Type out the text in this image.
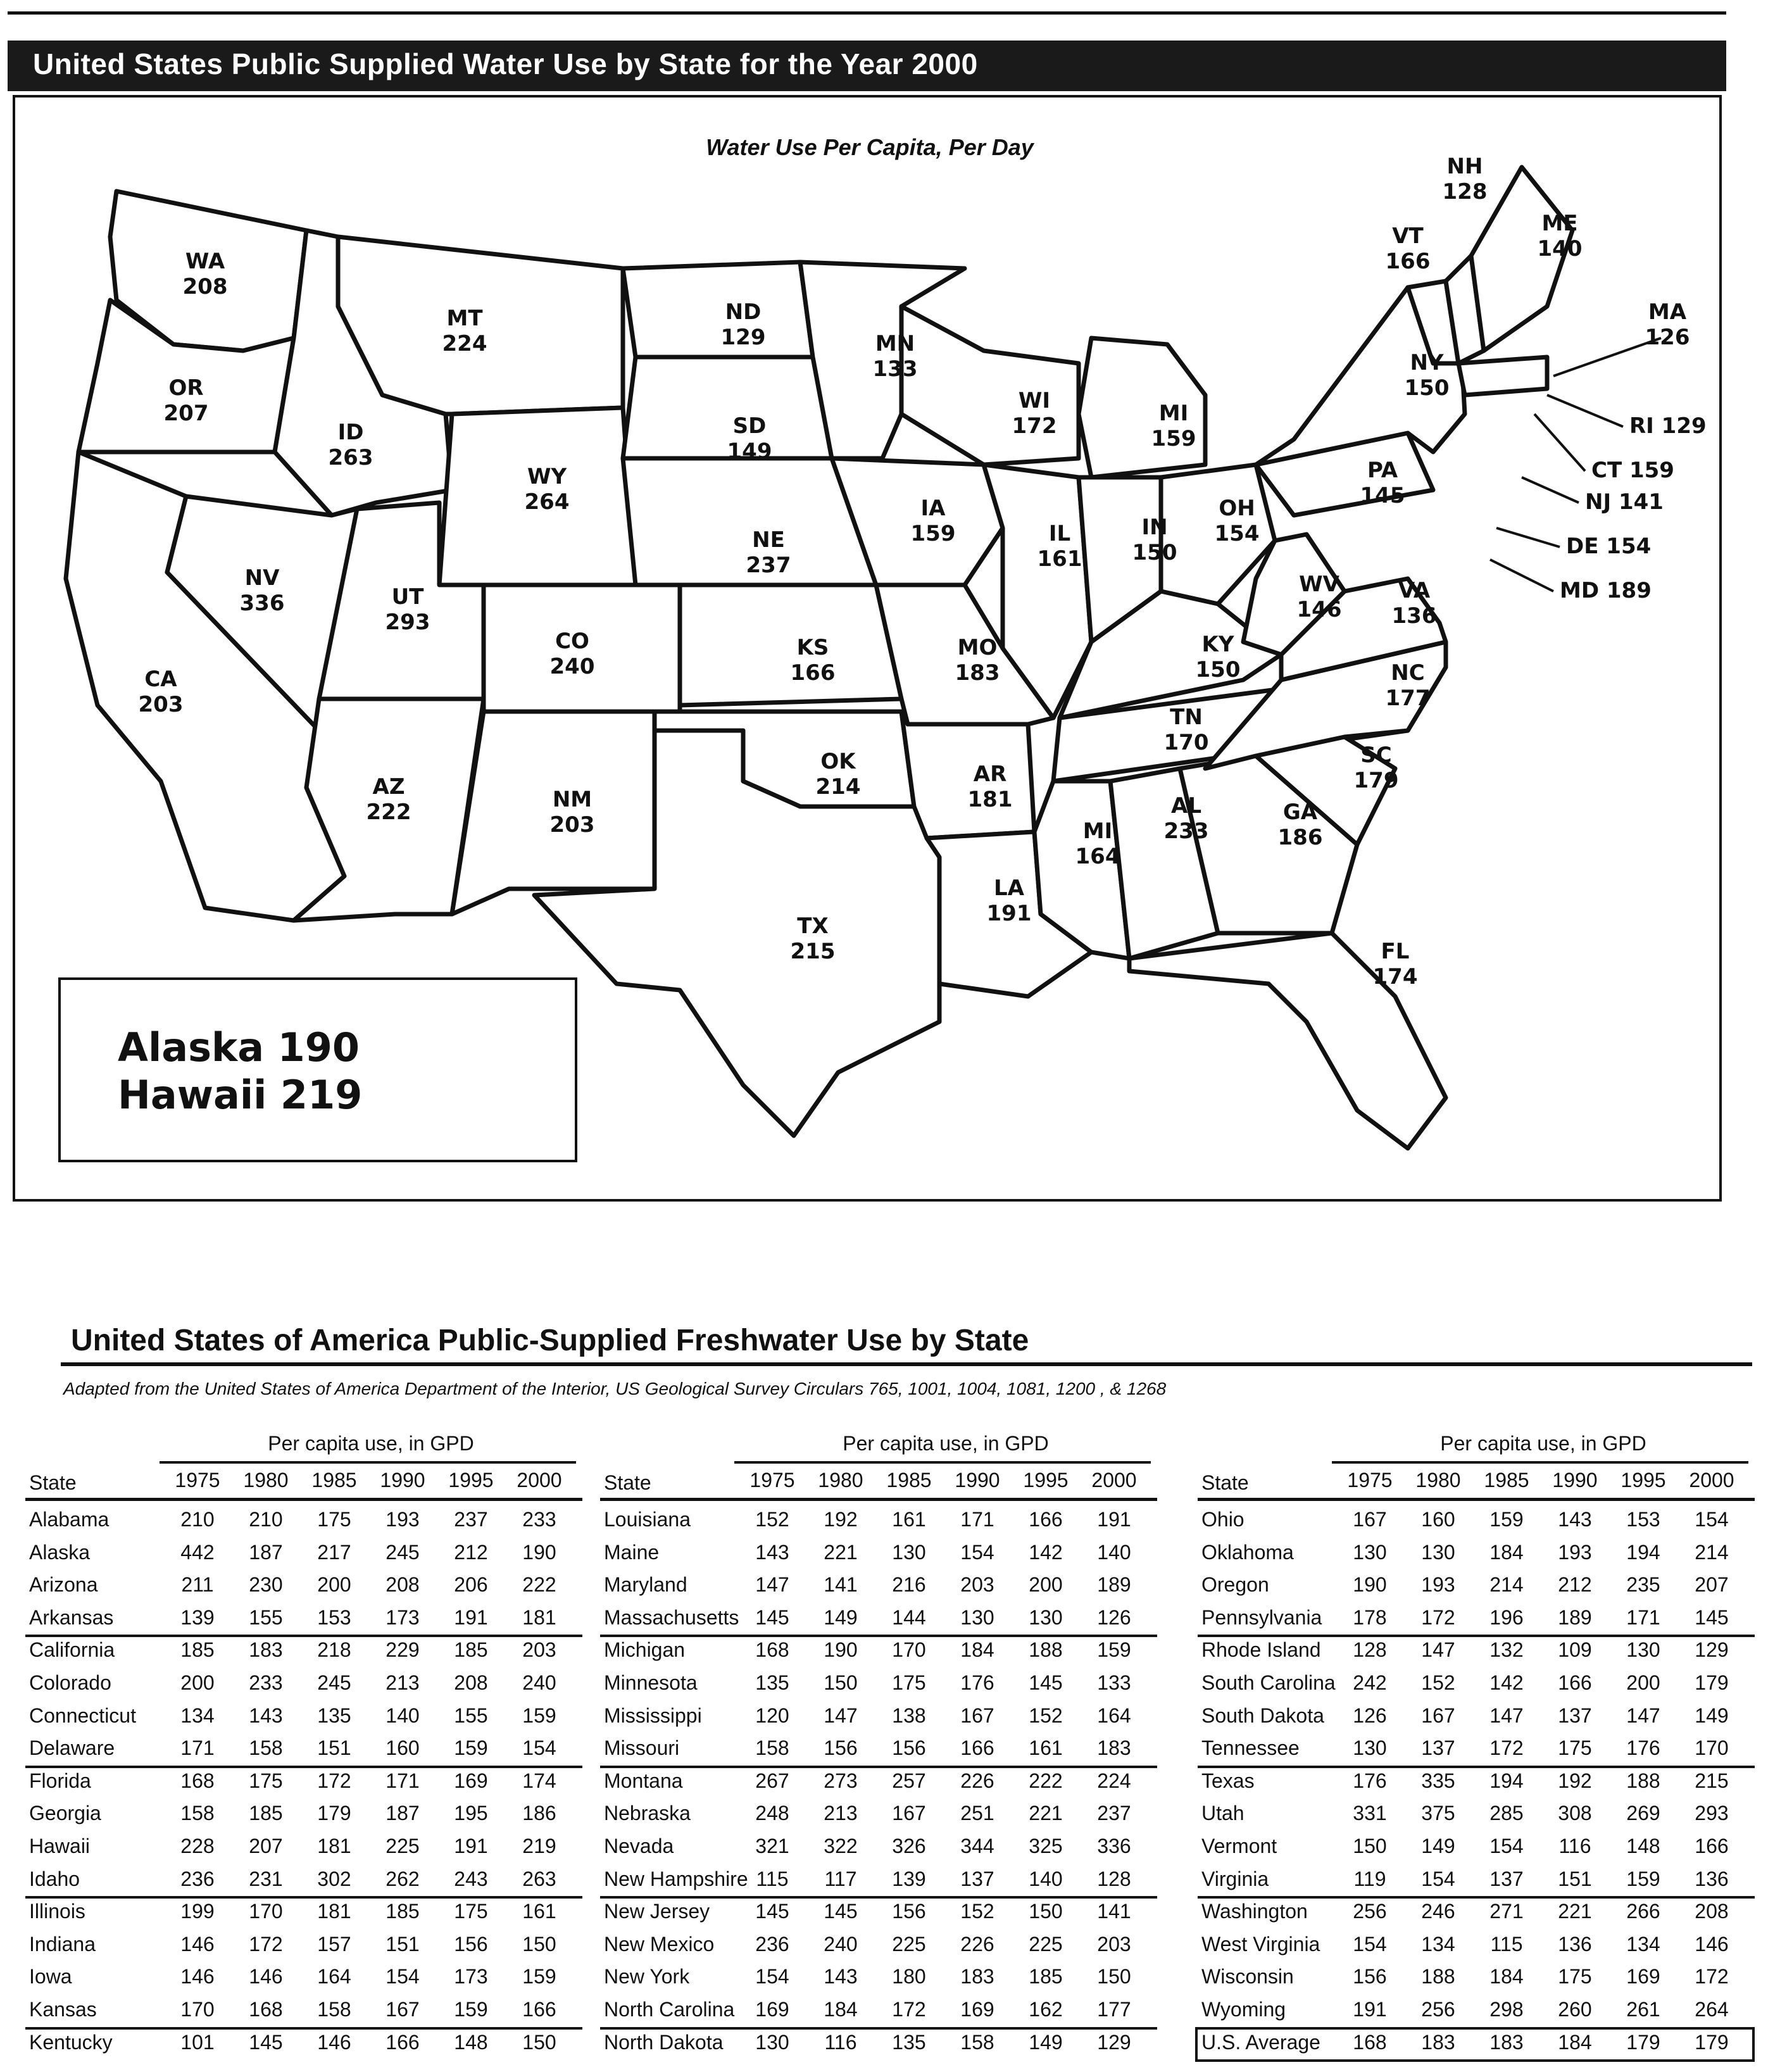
United States Public Supplied Water Use by State for the Year 2000
Water Use Per Capita, Per Day
WA 208
OR 207
CA 203
ID 263
NV 336
MT 224
WY 264
UT 293
AZ 222
CO 240
NM 203
ND 129
SD 149
NE 237
KS 166
OK 214
TX 215
MN 133
IA 159
MO 183
AR 181
LA 191
WI 172
IL 161
MI 159
IN 150
OH 154
KY 150
TN 170
MI 164
AL 233
GA 186
FL 174
SC 179
NC 177
VA 136
WV 146
PA 145
NY 150
VT 166
NH 128
ME 140
MA 126
RI 129
CT 159
NJ 141
DE 154
MD 189
Alaska 190
Hawaii 219
United States of America Public-Supplied Freshwater Use by State
Adapted from the United States of America Department of the Interior, US Geological Survey Circulars 765, 1001, 1004, 1081, 1200 , & 1268
Per capita use, in GPD
State	1975	1980	1985	1990	1995	2000
Alabama	210	210	175	193	237	233
Alaska	442	187	217	245	212	190
Arizona	211	230	200	208	206	222
Arkansas	139	155	153	173	191	181
California	185	183	218	229	185	203
Colorado	200	233	245	213	208	240
Connecticut	134	143	135	140	155	159
Delaware	171	158	151	160	159	154
Florida	168	175	172	171	169	174
Georgia	158	185	179	187	195	186
Hawaii	228	207	181	225	191	219
Idaho	236	231	302	262	243	263
Illinois	199	170	181	185	175	161
Indiana	146	172	157	151	156	150
Iowa	146	146	164	154	173	159
Kansas	170	168	158	167	159	166
Kentucky	101	145	146	166	148	150
Per capita use, in GPD
State	1975	1980	1985	1990	1995	2000
Louisiana	152	192	161	171	166	191
Maine	143	221	130	154	142	140
Maryland	147	141	216	203	200	189
Massachusetts 145	149	144	130	130	126
Michigan	168	190	170	184	188	159
Minnesota	135	150	175	176	145	133
Mississippi	120	147	138	167	152	164
Missouri	158	156	156	166	161	183
Montana	267	273	257	226	222	224
Nebraska	248	213	167	251	221	237
Nevada	321	322	326	344	325	336
New Hampshire 115	117	139	137	140	128
New Jersey	145	145	156	152	150	141
New Mexico	236	240	225	226	225	203
New York	154	143	180	183	185	150
North Carolina	169	184	172	169	162	177
North Dakota	130	116	135	158	149	129
Per capita use, in GPD
State	1975	1980	1985	1990	1995	2000
Ohio	167	160	159	143	153	154
Oklahoma	130	130	184	193	194	214
Oregon	190	193	214	212	235	207
Pennsylvania	178	172	196	189	171	145
Rhode Island	128	147	132	109	130	129
South Carolina 242	152	142	166	200	179
South Dakota	126	167	147	137	147	149
Tennessee	130	137	172	175	176	170
Texas	176	335	194	192	188	215
Utah	331	375	285	308	269	293
Vermont	150	149	154	116	148	166
Virginia	119	154	137	151	159	136
Washington	256	246	271	221	266	208
West Virginia	154	134	115	136	134	146
Wisconsin	156	188	184	175	169	172
Wyoming	191	256	298	260	261	264
U.S. Average	168	183	183	184	179	179
